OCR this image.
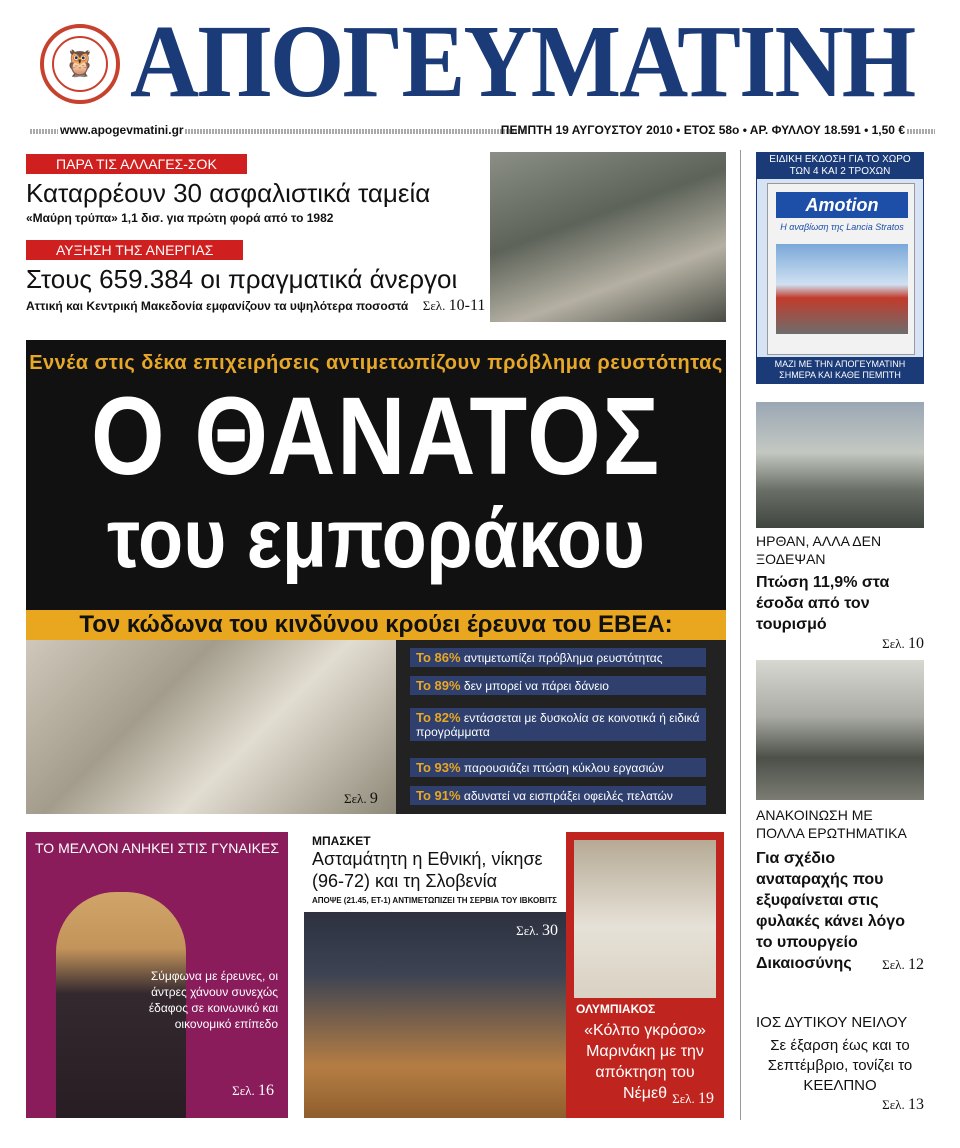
🦉 ΑΠΟΓΕΥΜΑΤΙΝΗ
www.apogevmatini.gr	ΠΕΜΠΤΗ 19 ΑΥΓΟΥΣΤΟΥ 2010 • ΕΤΟΣ 58ο • ΑΡ. ΦΥΛΛΟΥ 18.591 • 1,50 €
ΠΑΡΑ ΤΙΣ ΑΛΛΑΓΕΣ-ΣΟΚ
Καταρρέουν 30 ασφαλιστικά ταμεία
«Μαύρη τρύπα» 1,1 δισ. για πρώτη φορά από το 1982
ΑΥΞΗΣΗ ΤΗΣ ΑΝΕΡΓΙΑΣ
Στους 659.384 οι πραγματικά άνεργοι
Αττική και Κεντρική Μακεδονία εμφανίζουν τα υψηλότερα ποσοστά Σελ. 10-11
Εννέα στις δέκα επιχειρήσεις αντιμετωπίζουν πρόβλημα ρευστότητας
Ο ΘΑΝΑΤΟΣ
του εμποράκου
Τον κώδωνα του κινδύνου κρούει έρευνα του ΕΒΕΑ:
Σελ. 9
Το 86% αντιμετωπίζει πρόβλημα ρευστότητας
Το 89% δεν μπορεί να πάρει δάνειο
Το 82% εντάσσεται με δυσκολία σε κοινοτικά ή ειδικά προγράμματα
Το 93% παρουσιάζει πτώση κύκλου εργασιών
Το 91% αδυνατεί να εισπράξει οφειλές πελατών
ΕΙΔΙΚΗ ΕΚΔΟΣΗ ΓΙΑ ΤΟ ΧΩΡΟ ΤΩΝ 4 ΚΑΙ 2 ΤΡΟΧΩΝ
Amotion
Η αναβίωση της Lancia Stratos
ΜΑΖΙ ΜΕ ΤΗΝ ΑΠΟΓΕΥΜΑΤΙΝΗ ΣΗΜΕΡΑ ΚΑΙ ΚΑΘΕ ΠΕΜΠΤΗ
ΗΡΘΑΝ, ΑΛΛΑ ΔΕΝ ΞΟΔΕΨΑΝ
Πτώση 11,9% στα έσοδα από τον τουρισμό
Σελ. 10
ΑΝΑΚΟΙΝΩΣΗ ΜΕ ΠΟΛΛΑ ΕΡΩΤΗΜΑΤΙΚΑ
Για σχέδιο αναταραχής που εξυφαίνεται στις φυλακές κάνει λόγο το υπουργείο Δικαιοσύνης	Σελ. 12
ΙΟΣ ΔΥΤΙΚΟΥ ΝΕΙΛΟΥ
Σε έξαρση έως και το Σεπτέμβριο, τονίζει το ΚΕΕΛΠΝΟ
Σελ. 13
ΤΟ ΜΕΛΛΟΝ ΑΝΗΚΕΙ ΣΤΙΣ ΓΥΝΑΙΚΕΣ
Σύμφωνα με έρευνες, οι άντρες χάνουν συνεχώς έδαφος σε κοινωνικό και οικονομικό επίπεδο
Σελ. 16
ΜΠΑΣΚΕΤ
Ασταμάτητη η Εθνική, νίκησε (96-72) και τη Σλοβενία
ΑΠΟΨΕ (21.45, ΕΤ-1) ΑΝΤΙΜΕΤΩΠΙΖΕΙ ΤΗ ΣΕΡΒΙΑ ΤΟΥ ΙΒΚΟΒΙΤΣ
Σελ. 30
ΟΛΥΜΠΙΑΚΟΣ
«Κόλπο γκρόσο» Μαρινάκη με την απόκτηση του Νέμεθ Σελ. 19
